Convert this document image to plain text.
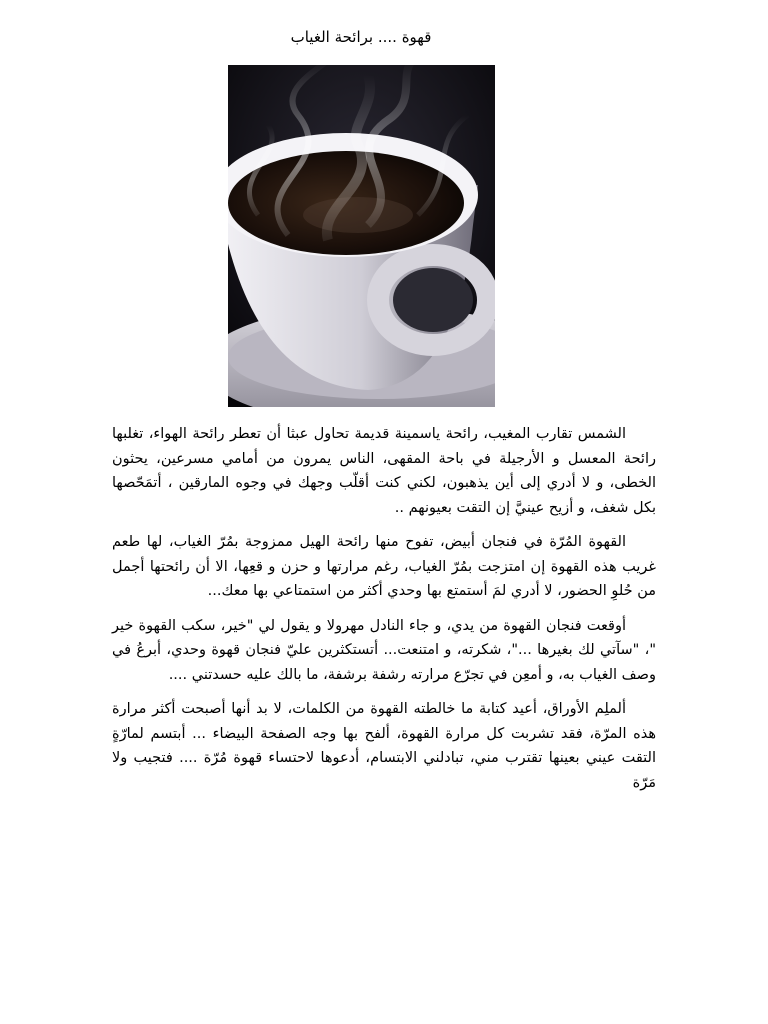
قهوة .... برائحة الغياب

الشمس تقارب المغيب، رائحة ياسمينة قديمة تحاول عبثا أن تعطر رائحة الهواء، تغلبها رائحة المعسل و الأرجيلة في باحة المقهى، الناس يمرون من أمامي مسرعين، يحثون الخطى، و لا أدري إلى أين يذهبون، لكني كنت أقلّب وجهك في وجوه المارقين ، أتمَحّصها بكل شغف، و أزيح عينيَّ إن التقت بعيونهم ..

القهوة المُرّة في فنجان أبيض، تفوح منها رائحة الهيل ممزوجة بمُرّ الغياب، لها طعم غريب هذه القهوة إن امتزجت بمُرّ الغياب، رغم مرارتها و حزن و قعِها، الا أن رائحتها أجمل من حُلوِ الحضور، لا أدري لمَ أستمتع بها وحدي أكثر من استمتاعي بها معك...

أوقعت فنجان القهوة من يدي، و جاء النادل مهرولا و يقول لي "خير، سكب القهوة خير "، "سآتي لك بغيرها ..."، شكرته، و امتنعت... أتستكثرين عليّ فنجان قهوة وحدي، أبرعُ في وصف الغياب به، و أمعِن في تجرّع مرارته رشفة برشفة، ما بالك عليه حسدتني ....

ألملِم الأوراق، أعيد كتابة ما خالطته القهوة من الكلمات، لا بد أنها أصبحت أكثر مرارة هذه المرّة، فقد تشربت كل مرارة القهوة، ألفح بها وجه الصفحة البيضاء ... أبتسم لمارّةٍ التقت عيني بعينها تقترب مني، تبادلني الابتسام، أدعوها لاحتساء قهوة مُرّة .... فتجيب ولا مَرّة
